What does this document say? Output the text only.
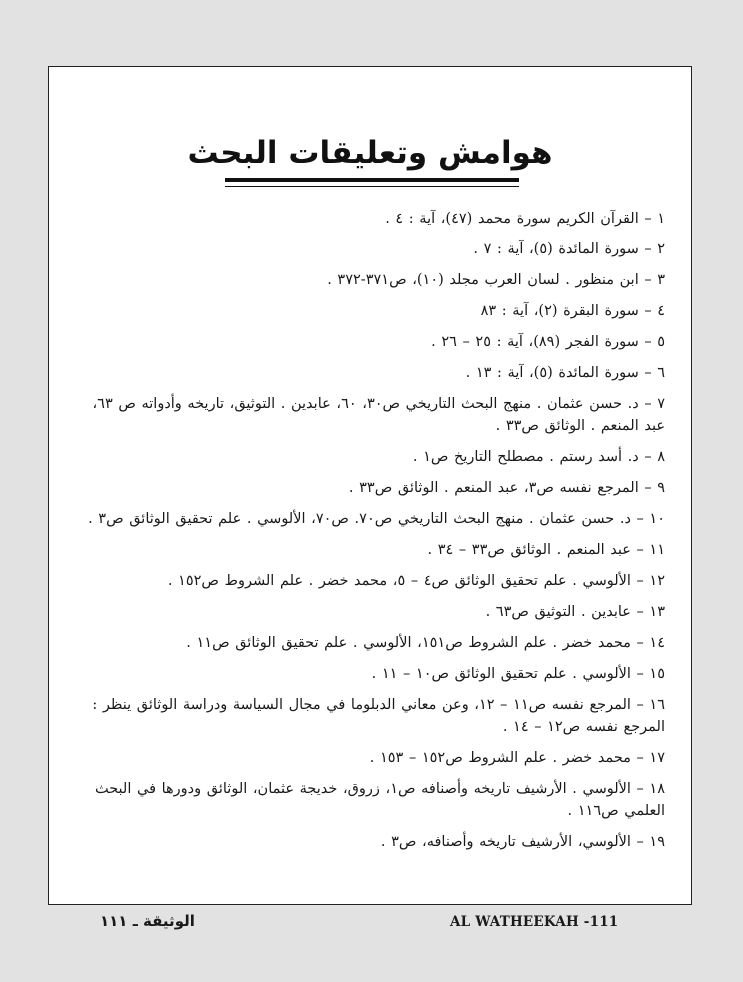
هوامش وتعليقات البحث

١ – القرآن الكريم سورة محمد (٤٧)، آية : ٤ .

٢ – سورة المائدة (٥)، آية : ٧ .

٣ – ابن منظور . لسان العرب مجلد (١٠)، ص٣٧١-٣٧٢ .

٤ – سورة البقرة (٢)، آية : ٨٣

٥ – سورة الفجر (٨٩)، آية : ٢٥ – ٢٦ .

٦ – سورة المائدة (٥)، آية : ١٣ .

٧ – د. حسن عثمان . منهج البحث التاريخي ص٣٠، ٦٠، عابدين . التوثيق، تاريخه وأدواته ص ٦٣، عبد المنعم . الوثائق ص٣٣ .

٨ – د. أسد رستم . مصطلح التاريخ ص١ .

٩ – المرجع نفسه ص٣، عبد المنعم . الوثائق ص٣٣ .

١٠ – د. حسن عثمان . منهج البحث التاريخي ص٧٠. ص٧٠، الألوسي . علم تحقيق الوثائق ص٣ .

١١ – عبد المنعم . الوثائق ص٣٣ – ٣٤ .

١٢ – الألوسي . علم تحقيق الوثائق ص٤ – ٥، محمد خضر . علم الشروط ص١٥٢ .

١٣ – عابدين . التوثيق ص٦٣ .

١٤ – محمد خضر . علم الشروط ص١٥١، الألوسي . علم تحقيق الوثائق ص١١ .

١٥ – الألوسي . علم تحقيق الوثائق ص١٠ – ١١ .

١٦ – المرجع نفسه ص١١ – ١٢، وعن معاني الدبلوما في مجال السياسة ودراسة الوثائق ينظر : المرجع نفسه ص١٢ – ١٤ .

١٧ – محمد خضر . علم الشروط ص١٥٢ – ١٥٣ .

١٨ – الألوسي . الأرشيف تاريخه وأصنافه ص١، زروق، خديجة عثمان، الوثائق ودورها في البحث العلمي ص١١٦ .

١٩ – الألوسي، الأرشيف تاريخه وأصنافه، ص٣ .

الوثيقة ـ ١١١	AL WATHEEKAH -111
